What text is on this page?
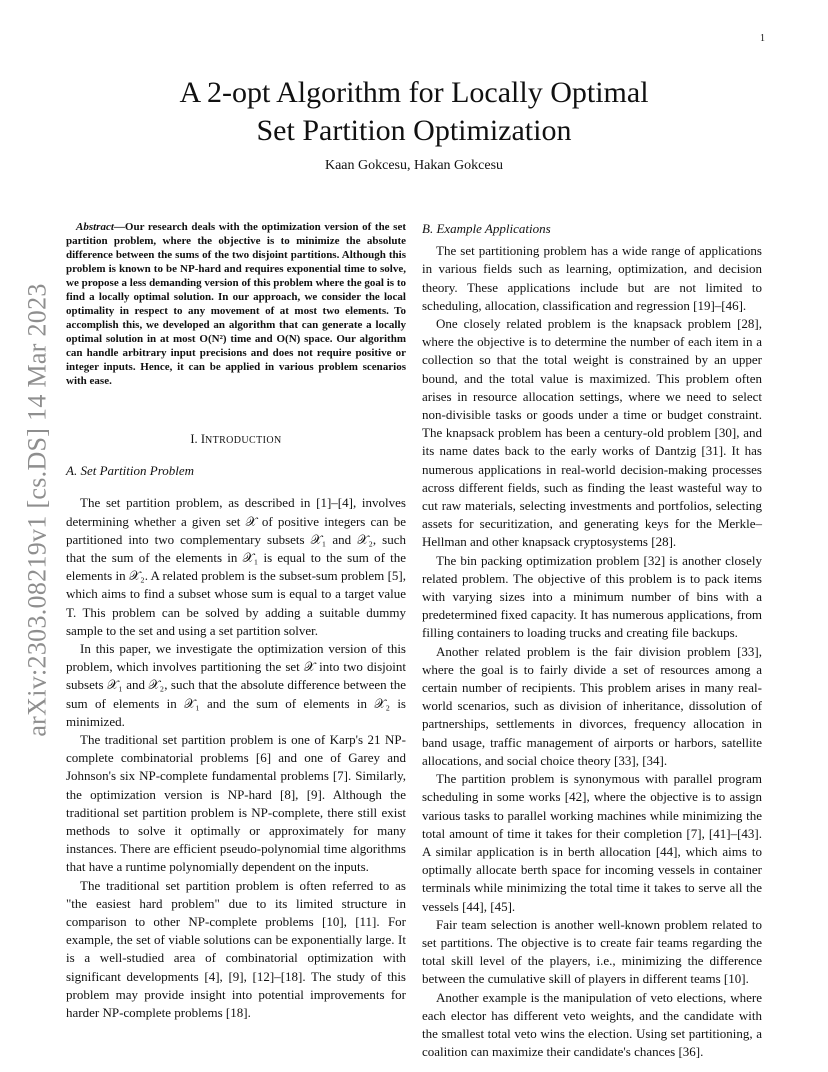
1
arXiv:2303.08219v1 [cs.DS] 14 Mar 2023
A 2-opt Algorithm for Locally Optimal
Set Partition Optimization
Kaan Gokcesu, Hakan Gokcesu

Abstract—Our research deals with the optimization version of the set partition problem, where the objective is to minimize the absolute difference between the sums of the two disjoint partitions. Although this problem is known to be NP-hard and requires exponential time to solve, we propose a less demanding version of this problem where the goal is to find a locally optimal solution. In our approach, we consider the local optimality in respect to any movement of at most two elements. To accomplish this, we developed an algorithm that can generate a locally optimal solution in at most O(N²) time and O(N) space. Our algorithm can handle arbitrary input precisions and does not require positive or integer inputs. Hence, it can be applied in various problem scenarios with ease.

I. INTRODUCTION
A. Set Partition Problem

The set partition problem, as described in [1]–[4], involves determining whether a given set 𝒳 of positive integers can be partitioned into two complementary subsets 𝒳₁ and 𝒳₂, such that the sum of the elements in 𝒳₁ is equal to the sum of the elements in 𝒳₂. A related problem is the subset-sum problem [5], which aims to find a subset whose sum is equal to a target value T. This problem can be solved by adding a suitable dummy sample to the set and using a set partition solver.

In this paper, we investigate the optimization version of this problem, which involves partitioning the set 𝒳 into two disjoint subsets 𝒳₁ and 𝒳₂, such that the absolute difference between the sum of elements in 𝒳₁ and the sum of elements in 𝒳₂ is minimized.

The traditional set partition problem is one of Karp's 21 NP-complete combinatorial problems [6] and one of Garey and Johnson's six NP-complete fundamental problems [7]. Similarly, the optimization version is NP-hard [8], [9]. Although the traditional set partition problem is NP-complete, there still exist methods to solve it optimally or approximately for many instances. There are efficient pseudo-polynomial time algorithms that have a runtime polynomially dependent on the inputs.

The traditional set partition problem is often referred to as "the easiest hard problem" due to its limited structure in comparison to other NP-complete problems [10], [11]. For example, the set of viable solutions can be exponentially large. It is a well-studied area of combinatorial optimization with significant developments [4], [9], [12]–[18]. The study of this problem may provide insight into potential improvements for harder NP-complete problems [18].

B. Example Applications

The set partitioning problem has a wide range of applications in various fields such as learning, optimization, and decision theory. These applications include but are not limited to scheduling, allocation, classification and regression [19]–[46].

One closely related problem is the knapsack problem [28], where the objective is to determine the number of each item in a collection so that the total weight is constrained by an upper bound, and the total value is maximized. This problem often arises in resource allocation settings, where we need to select non-divisible tasks or goods under a time or budget constraint. The knapsack problem has been a century-old problem [30], and its name dates back to the early works of Dantzig [31]. It has numerous applications in real-world decision-making processes across different fields, such as finding the least wasteful way to cut raw materials, selecting investments and portfolios, selecting assets for securitization, and generating keys for the Merkle–Hellman and other knapsack cryptosystems [28].

The bin packing optimization problem [32] is another closely related problem. The objective of this problem is to pack items with varying sizes into a minimum number of bins with a predetermined fixed capacity. It has numerous applications, from filling containers to loading trucks and creating file backups.

Another related problem is the fair division problem [33], where the goal is to fairly divide a set of resources among a certain number of recipients. This problem arises in many real-world scenarios, such as division of inheritance, dissolution of partnerships, settlements in divorces, frequency allocation in band usage, traffic management of airports or harbors, satellite allocations, and social choice theory [33], [34].

The partition problem is synonymous with parallel program scheduling in some works [42], where the objective is to assign various tasks to parallel working machines while minimizing the total amount of time it takes for their completion [7], [41]–[43]. A similar application is in berth allocation [44], which aims to optimally allocate berth space for incoming vessels in container terminals while minimizing the total time it takes to serve all the vessels [44], [45].

Fair team selection is another well-known problem related to set partitions. The objective is to create fair teams regarding the total skill level of the players, i.e., minimizing the difference between the cumulative skill of players in different teams [10].

Another example is the manipulation of veto elections, where each elector has different veto weights, and the candidate with the smallest total veto wins the election. Using set partitioning, a coalition can maximize their candidate's chances [36].
